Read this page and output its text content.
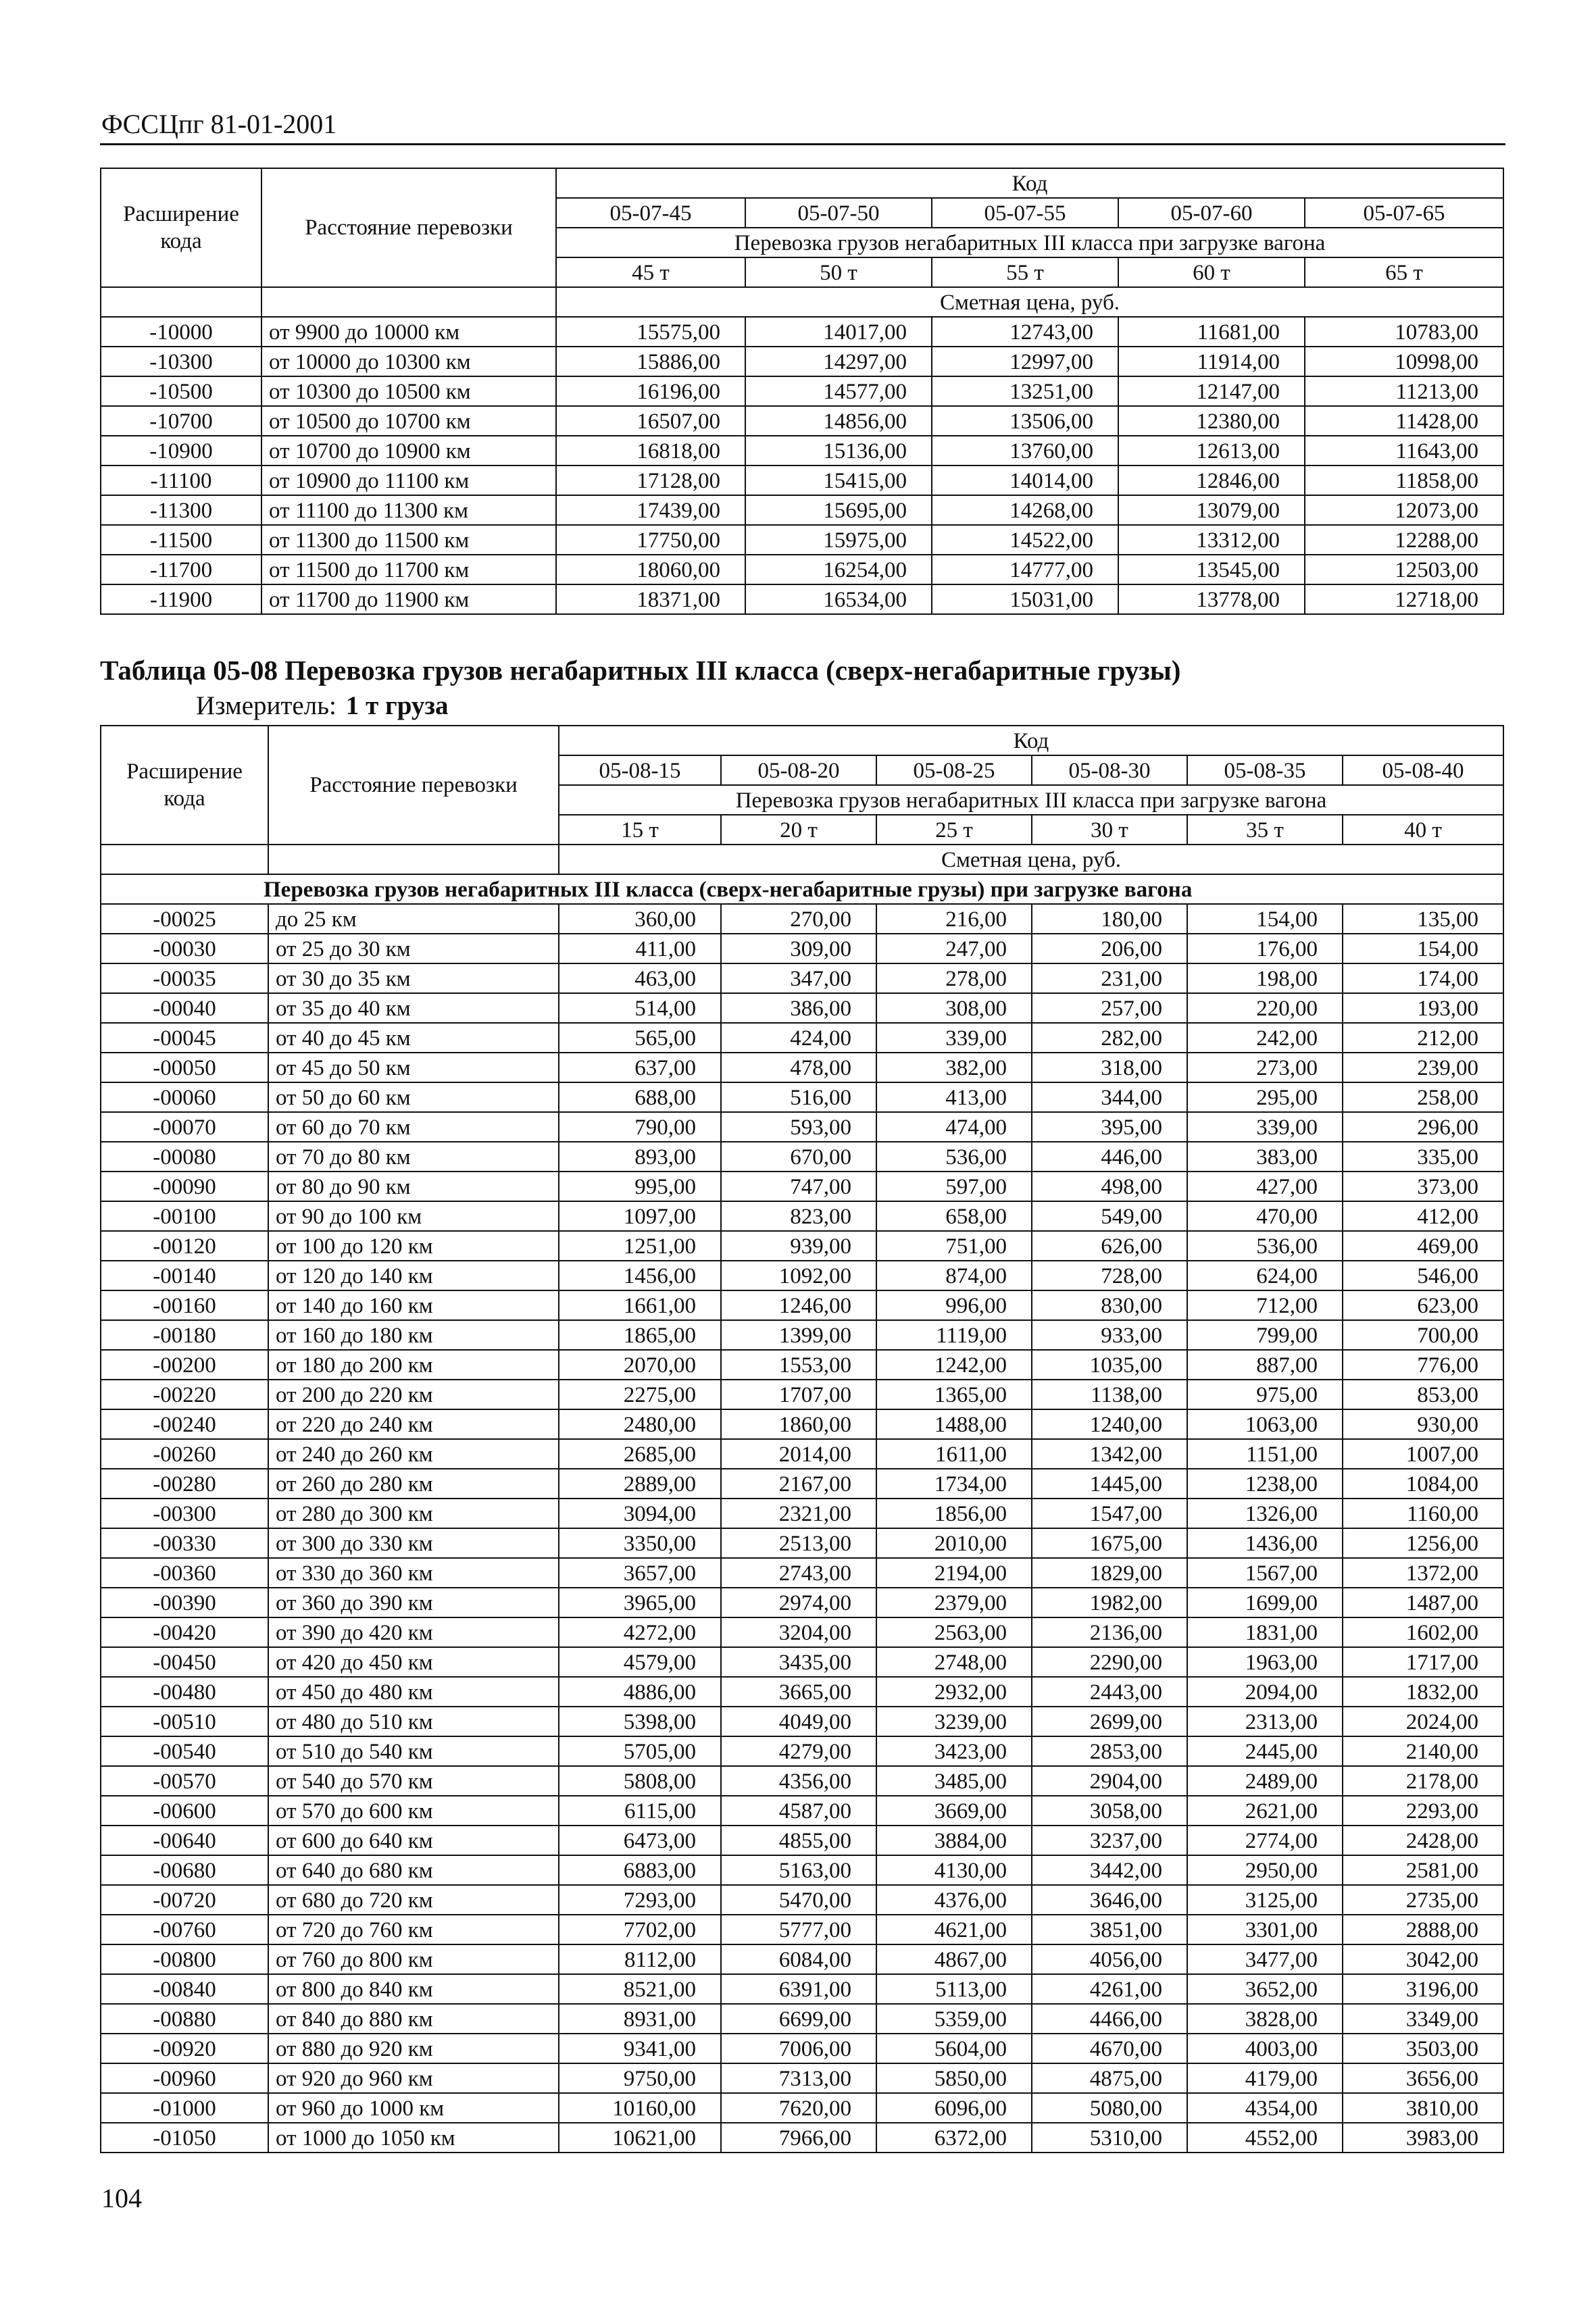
ФССЦпг 81-01-2001
Расширение кода	Расстояние перевозки	Код				
		05-07-45	05-07-50	05-07-55	05-07-60	05-07-65
		Перевозка грузов негабаритных III класса при загрузке вагона				
		45 т	50 т	55 т	60 т	65 т
		Сметная цена, руб.				
-10000	от 9900 до 10000 км	15575,00	14017,00	12743,00	11681,00	10783,00
-10300	от 10000 до 10300 км	15886,00	14297,00	12997,00	11914,00	10998,00
-10500	от 10300 до 10500 км	16196,00	14577,00	13251,00	12147,00	11213,00
-10700	от 10500 до 10700 км	16507,00	14856,00	13506,00	12380,00	11428,00
-10900	от 10700 до 10900 км	16818,00	15136,00	13760,00	12613,00	11643,00
-11100	от 10900 до 11100 км	17128,00	15415,00	14014,00	12846,00	11858,00
-11300	от 11100 до 11300 км	17439,00	15695,00	14268,00	13079,00	12073,00
-11500	от 11300 до 11500 км	17750,00	15975,00	14522,00	13312,00	12288,00
-11700	от 11500 до 11700 км	18060,00	16254,00	14777,00	13545,00	12503,00
-11900	от 11700 до 11900 км	18371,00	16534,00	15031,00	13778,00	12718,00
Таблица 05-08 Перевозка грузов негабаритных III класса (сверх-негабаритные грузы)
Измеритель: 1 т груза
Расширение кода	Расстояние перевозки	Код					
		05-08-15	05-08-20	05-08-25	05-08-30	05-08-35	05-08-40
		Перевозка грузов негабаритных III класса при загрузке вагона					
		15 т	20 т	25 т	30 т	35 т	40 т
		Сметная цена, руб.					
Перевозка грузов негабаритных III класса (сверх-негабаритные грузы) при загрузке вагона							
-00025	до 25 км	360,00	270,00	216,00	180,00	154,00	135,00
-00030	от 25 до 30 км	411,00	309,00	247,00	206,00	176,00	154,00
-00035	от 30 до 35 км	463,00	347,00	278,00	231,00	198,00	174,00
-00040	от 35 до 40 км	514,00	386,00	308,00	257,00	220,00	193,00
-00045	от 40 до 45 км	565,00	424,00	339,00	282,00	242,00	212,00
-00050	от 45 до 50 км	637,00	478,00	382,00	318,00	273,00	239,00
-00060	от 50 до 60 км	688,00	516,00	413,00	344,00	295,00	258,00
-00070	от 60 до 70 км	790,00	593,00	474,00	395,00	339,00	296,00
-00080	от 70 до 80 км	893,00	670,00	536,00	446,00	383,00	335,00
-00090	от 80 до 90 км	995,00	747,00	597,00	498,00	427,00	373,00
-00100	от 90 до 100 км	1097,00	823,00	658,00	549,00	470,00	412,00
-00120	от 100 до 120 км	1251,00	939,00	751,00	626,00	536,00	469,00
-00140	от 120 до 140 км	1456,00	1092,00	874,00	728,00	624,00	546,00
-00160	от 140 до 160 км	1661,00	1246,00	996,00	830,00	712,00	623,00
-00180	от 160 до 180 км	1865,00	1399,00	1119,00	933,00	799,00	700,00
-00200	от 180 до 200 км	2070,00	1553,00	1242,00	1035,00	887,00	776,00
-00220	от 200 до 220 км	2275,00	1707,00	1365,00	1138,00	975,00	853,00
-00240	от 220 до 240 км	2480,00	1860,00	1488,00	1240,00	1063,00	930,00
-00260	от 240 до 260 км	2685,00	2014,00	1611,00	1342,00	1151,00	1007,00
-00280	от 260 до 280 км	2889,00	2167,00	1734,00	1445,00	1238,00	1084,00
-00300	от 280 до 300 км	3094,00	2321,00	1856,00	1547,00	1326,00	1160,00
-00330	от 300 до 330 км	3350,00	2513,00	2010,00	1675,00	1436,00	1256,00
-00360	от 330 до 360 км	3657,00	2743,00	2194,00	1829,00	1567,00	1372,00
-00390	от 360 до 390 км	3965,00	2974,00	2379,00	1982,00	1699,00	1487,00
-00420	от 390 до 420 км	4272,00	3204,00	2563,00	2136,00	1831,00	1602,00
-00450	от 420 до 450 км	4579,00	3435,00	2748,00	2290,00	1963,00	1717,00
-00480	от 450 до 480 км	4886,00	3665,00	2932,00	2443,00	2094,00	1832,00
-00510	от 480 до 510 км	5398,00	4049,00	3239,00	2699,00	2313,00	2024,00
-00540	от 510 до 540 км	5705,00	4279,00	3423,00	2853,00	2445,00	2140,00
-00570	от 540 до 570 км	5808,00	4356,00	3485,00	2904,00	2489,00	2178,00
-00600	от 570 до 600 км	6115,00	4587,00	3669,00	3058,00	2621,00	2293,00
-00640	от 600 до 640 км	6473,00	4855,00	3884,00	3237,00	2774,00	2428,00
-00680	от 640 до 680 км	6883,00	5163,00	4130,00	3442,00	2950,00	2581,00
-00720	от 680 до 720 км	7293,00	5470,00	4376,00	3646,00	3125,00	2735,00
-00760	от 720 до 760 км	7702,00	5777,00	4621,00	3851,00	3301,00	2888,00
-00800	от 760 до 800 км	8112,00	6084,00	4867,00	4056,00	3477,00	3042,00
-00840	от 800 до 840 км	8521,00	6391,00	5113,00	4261,00	3652,00	3196,00
-00880	от 840 до 880 км	8931,00	6699,00	5359,00	4466,00	3828,00	3349,00
-00920	от 880 до 920 км	9341,00	7006,00	5604,00	4670,00	4003,00	3503,00
-00960	от 920 до 960 км	9750,00	7313,00	5850,00	4875,00	4179,00	3656,00
-01000	от 960 до 1000 км	10160,00	7620,00	6096,00	5080,00	4354,00	3810,00
-01050	от 1000 до 1050 км	10621,00	7966,00	6372,00	5310,00	4552,00	3983,00
104
